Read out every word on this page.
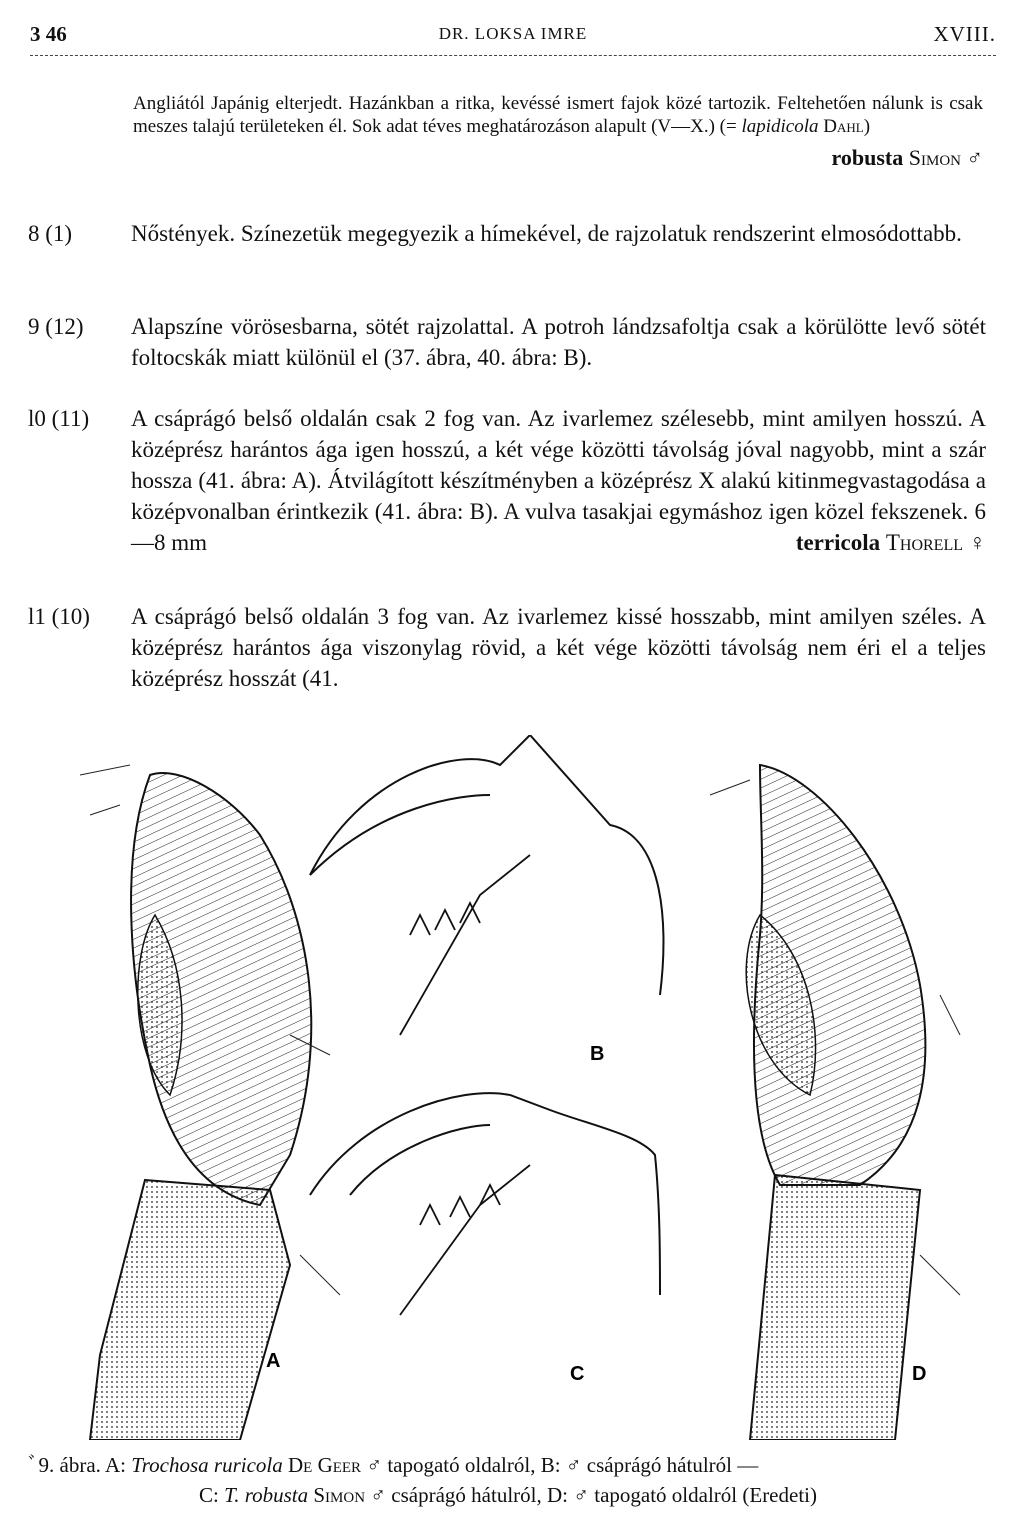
3 46	DR. LOKSA IMRE	XVIII.
Angliától Japánig elterjedt. Hazánkban a ritka, kevéssé ismert fajok közé tartozik. Feltehetően nálunk is csak meszes talajú területeken él. Sok adat téves meghatározáson alapult (V—X.) (= lapidicola Dahl)
robusta Simon ♂
8 (1)	Nőstények. Színezetük megegyezik a hímekével, de rajzolatuk rendszerint elmosódottabb.
9 (12)	Alapszíne vörösesbarna, sötét rajzolattal. A potroh lándzsafoltja csak a körülötte levő sötét foltocskák miatt különül el (37. ábra, 40. ábra: B).
l0 (11)	A csáprágó belső oldalán csak 2 fog van. Az ivarlemez szélesebb, mint amilyen hosszú. A középrész harántos ága igen hosszú, a két vége közötti távolság jóval nagyobb, mint a szár hossza (41. ábra: A). Átvilágított készítményben a középrész X alakú kitinmegvastagodása a középvonalban érintkezik (41. ábra: B). A vulva tasakjai egymáshoz igen közel fekszenek. 6—8 mm	terricola Thorell ♀
l1 (10)	A csáprágó belső oldalán 3 fog van. Az ivarlemez kissé hosszabb, mint amilyen széles. A középrész harántos ága viszonylag rövid, a két vége közötti távolság nem éri el a teljes középrész hosszát (41.
B
A
C	D
ﾞ9. ábra. A: Trochosa ruricola De Geer ♂ tapogató oldalról, B: ♂ csáprágó hátulról —
C: T. robusta Simon ♂ csáprágó hátulról, D: ♂ tapogató oldalról (Eredeti)
